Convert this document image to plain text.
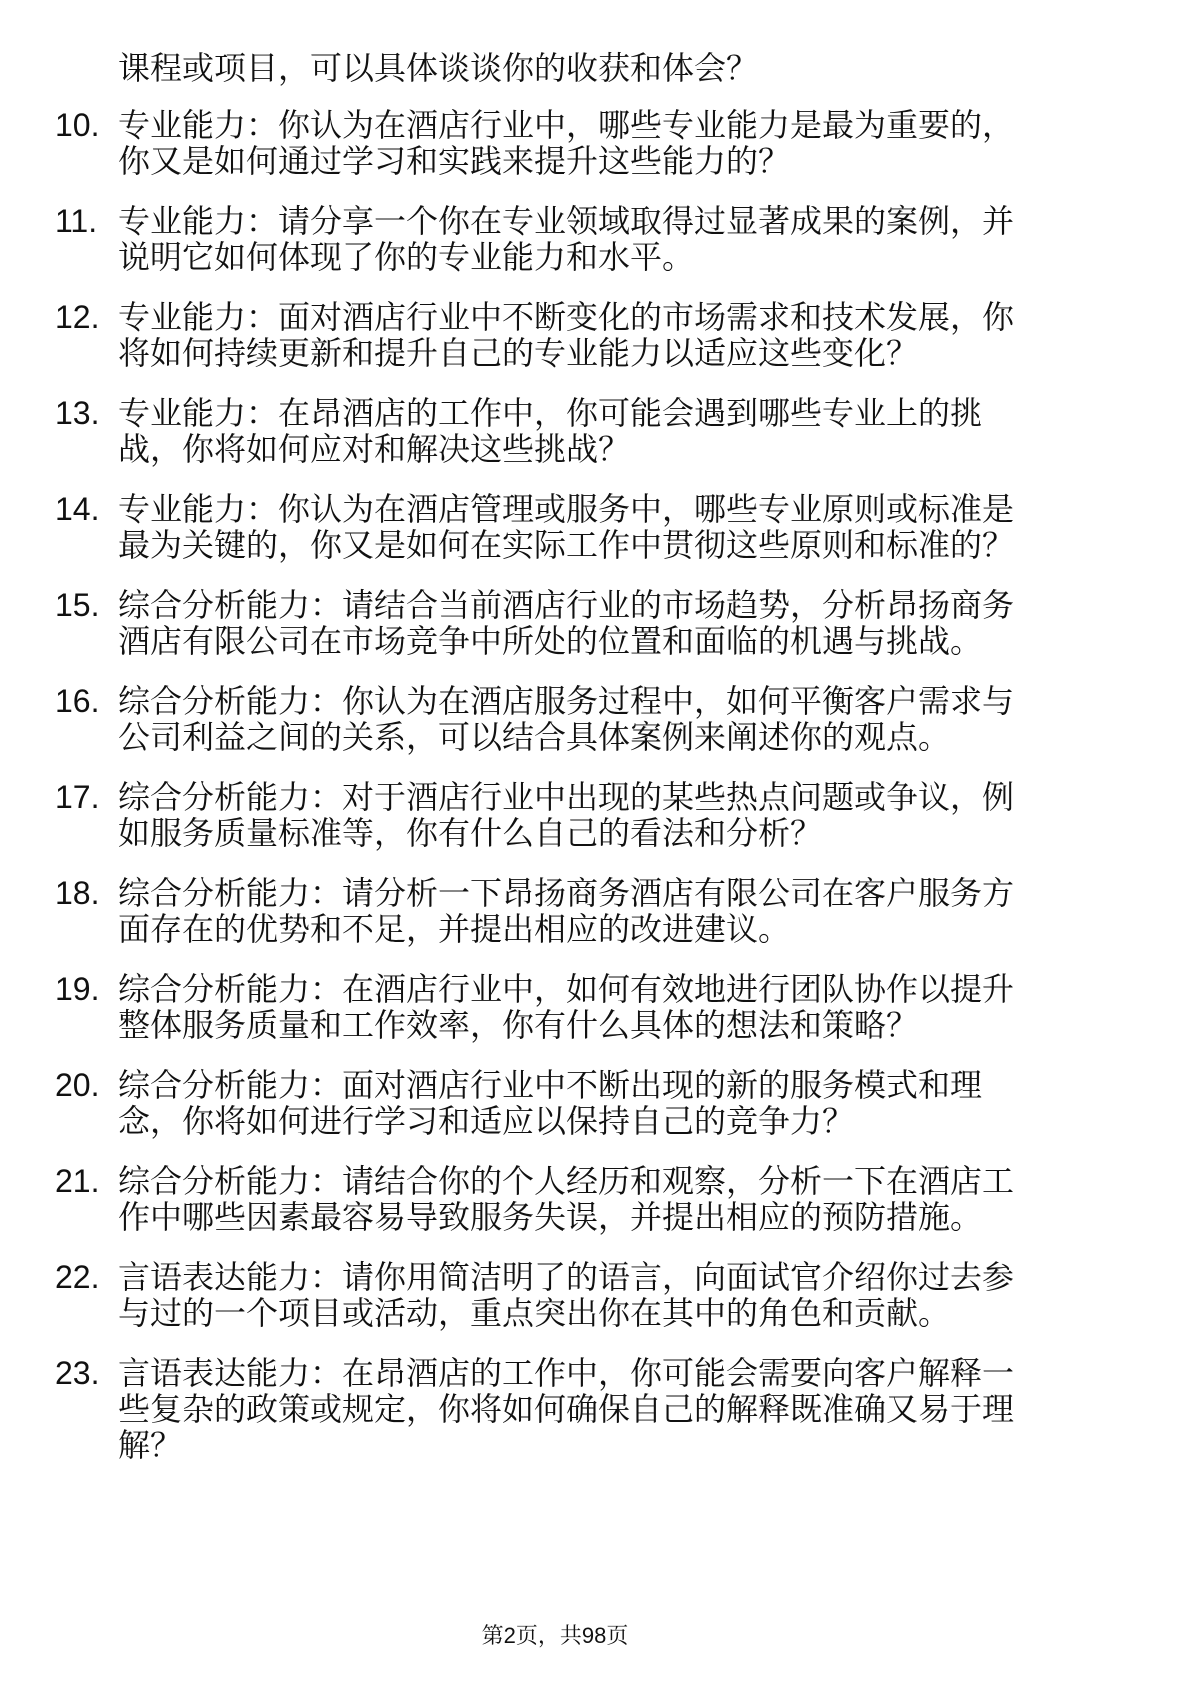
课程或项目，可以具体谈谈你的收获和体会？
10. 专业能力：你认为在酒店行业中，哪些专业能力是最为重要的，
你又是如何通过学习和实践来提升这些能力的？
11. 专业能力：请分享一个你在专业领域取得过显著成果的案例，并
说明它如何体现了你的专业能力和水平。
12. 专业能力：面对酒店行业中不断变化的市场需求和技术发展，你
将如何持续更新和提升自己的专业能力以适应这些变化？
13. 专业能力：在昂酒店的工作中，你可能会遇到哪些专业上的挑
战，你将如何应对和解决这些挑战？
14. 专业能力：你认为在酒店管理或服务中，哪些专业原则或标准是
最为关键的，你又是如何在实际工作中贯彻这些原则和标准的？
15. 综合分析能力：请结合当前酒店行业的市场趋势，分析昂扬商务
酒店有限公司在市场竞争中所处的位置和面临的机遇与挑战。
16. 综合分析能力：你认为在酒店服务过程中，如何平衡客户需求与
公司利益之间的关系，可以结合具体案例来阐述你的观点。
17. 综合分析能力：对于酒店行业中出现的某些热点问题或争议，例
如服务质量标准等，你有什么自己的看法和分析？
18. 综合分析能力：请分析一下昂扬商务酒店有限公司在客户服务方
面存在的优势和不足，并提出相应的改进建议。
19. 综合分析能力：在酒店行业中，如何有效地进行团队协作以提升
整体服务质量和工作效率，你有什么具体的想法和策略？
20. 综合分析能力：面对酒店行业中不断出现的新的服务模式和理
念，你将如何进行学习和适应以保持自己的竞争力？
21. 综合分析能力：请结合你的个人经历和观察，分析一下在酒店工
作中哪些因素最容易导致服务失误，并提出相应的预防措施。
22. 言语表达能力：请你用简洁明了的语言，向面试官介绍你过去参
与过的一个项目或活动，重点突出你在其中的角色和贡献。
23. 言语表达能力：在昂酒店的工作中，你可能会需要向客户解释一
些复杂的政策或规定，你将如何确保自己的解释既准确又易于理
解？
第2页，共98页
